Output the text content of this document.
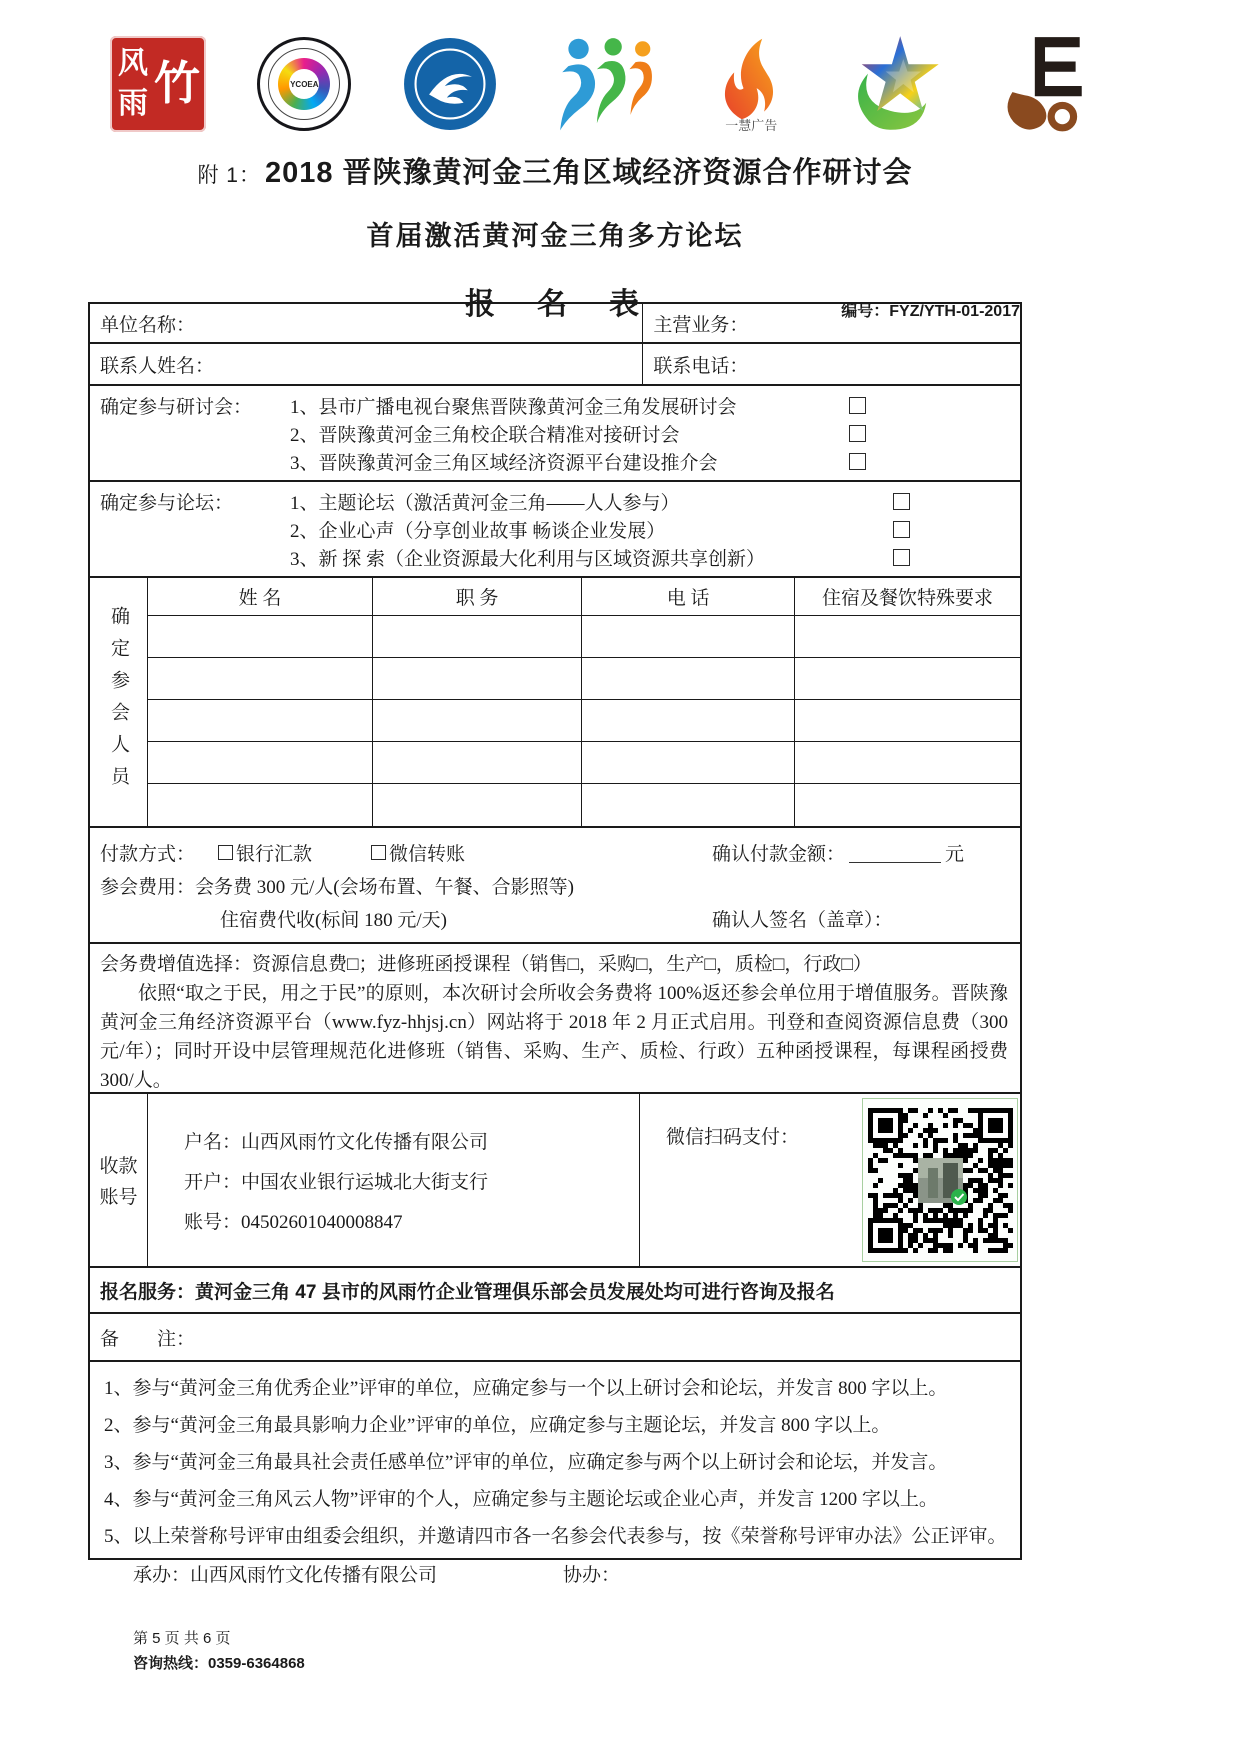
风
雨 竹	YCOEA
一慧广告
附 1： 2018 晋陕豫黄河金三角区域经济资源合作研讨会
首届激活黄河金三角多方论坛
报　名　表	编号：FYZ/YTH-01-2017
单位名称：	主营业务：
联系人姓名：	联系电话：
确定参与研讨会：	1、县市广播电视台聚焦晋陕豫黄河金三角发展研讨会
2、晋陕豫黄河金三角校企联合精准对接研讨会
3、晋陕豫黄河金三角区域经济资源平台建设推介会
确定参与论坛：	1、主题论坛（激活黄河金三角——人人参与）
2、企业心声（分享创业故事 畅谈企业发展）
3、新 探 索（企业资源最大化利用与区域资源共享创新）
确定参会人员
姓 名	职 务	电 话	住宿及餐饮特殊要求
付款方式： 银行汇款	微信转账	确认付款金额：	元
参会费用： 会务费 300 元/人(会场布置、午餐、合影照等)
住宿费代收(标间 180 元/天)	确认人签名（盖章）：
会务费增值选择：资源信息费□；进修班函授课程（销售□，采购□，生产□，质检□，行政□）
依照“取之于民，用之于民”的原则，本次研讨会所收会务费将 100%返还参会单位用于增值服务。晋陕豫黄河金三角经济资源平台（www.fyz-hhjsj.cn）网站将于 2018 年 2 月正式启用。刊登和查阅资源信息费（300 元/年）；同时开设中层管理规范化进修班（销售、采购、生产、质检、行政）五种函授课程，每课程函授费 300/人。
收款
账号
户名：山西风雨竹文化传播有限公司
开户：中国农业银行运城北大街支行
账号：04502601040008847
微信扫码支付：
报名服务：黄河金三角 47 县市的风雨竹企业管理俱乐部会员发展处均可进行咨询及报名
备　　注：
1、参与“黄河金三角优秀企业”评审的单位，应确定参与一个以上研讨会和论坛，并发言 800 字以上。
2、参与“黄河金三角最具影响力企业”评审的单位，应确定参与主题论坛，并发言 800 字以上。
3、参与“黄河金三角最具社会责任感单位”评审的单位，应确定参与两个以上研讨会和论坛，并发言。
4、参与“黄河金三角风云人物”评审的个人，应确定参与主题论坛或企业心声，并发言 1200 字以上。
5、以上荣誉称号评审由组委会组织，并邀请四市各一名参会代表参与，按《荣誉称号评审办法》公正评审。
承办：山西风雨竹文化传播有限公司	协办：
第 5 页 共 6 页
咨询热线：0359-6364868
